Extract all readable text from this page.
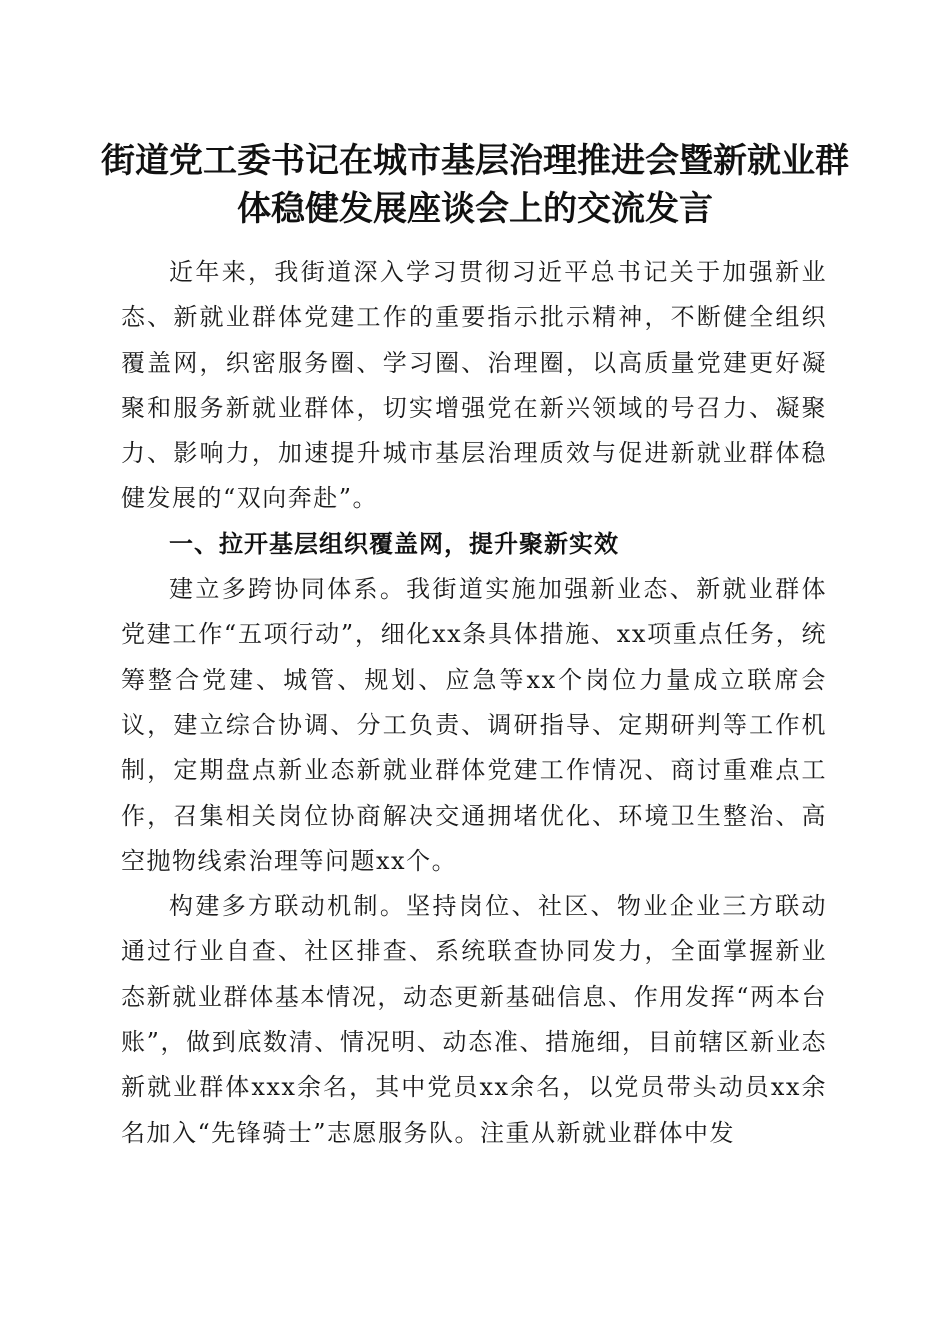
街道党工委书记在城市基层治理推进会暨新就业群体稳健发展座谈会上的交流发言

近年来，我街道深入学习贯彻习近平总书记关于加强新业态、新就业群体党建工作的重要指示批示精神，不断健全组织覆盖网，织密服务圈、学习圈、治理圈，以高质量党建更好凝聚和服务新就业群体，切实增强党在新兴领域的号召力、凝聚力、影响力，加速提升城市基层治理质效与促进新就业群体稳健发展的“双向奔赴”。

一、拉开基层组织覆盖网，提升聚新实效

建立多跨协同体系。我街道实施加强新业态、新就业群体党建工作“五项行动”，细化xx条具体措施、xx项重点任务，统筹整合党建、城管、规划、应急等xx个岗位力量成立联席会议，建立综合协调、分工负责、调研指导、定期研判等工作机制，定期盘点新业态新就业群体党建工作情况、商讨重难点工作，召集相关岗位协商解决交通拥堵优化、环境卫生整治、高空抛物线索治理等问题xx个。

构建多方联动机制。坚持岗位、社区、物业企业三方联动通过行业自查、社区排查、系统联查协同发力，全面掌握新业态新就业群体基本情况，动态更新基础信息、作用发挥“两本台账”，做到底数清、情况明、动态准、措施细，目前辖区新业态新就业群体xxx余名，其中党员xx余名，以党员带头动员xx余名加入“先锋骑士”志愿服务队。注重从新就业群体中发
